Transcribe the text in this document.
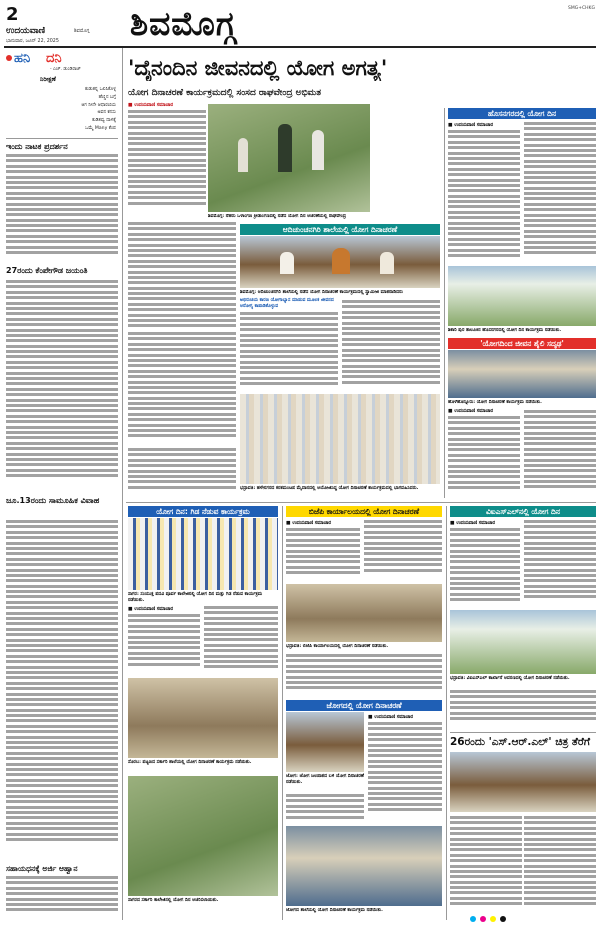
2
ಉದಯವಾಣಿ	ಶಿವಮೊಗ್ಗ
ಭಾನುವಾರ, ಜೂನ್ 22, 2025 ಶಿವಮೊಗ್ಗ	SMG+CHKG
ಹನಿ ದನಿ
- ಎಚ್. ಡುಂಡಿರಾಜ್
ನಿರೀಕ್ಷಣೆ
ಕುಡುಕನ್ನ ಒಲಿಸಿಕೊಳ್ಳ
ಹೆಣ್ಣಿನ ಬಗ್ಗೆ
ಆಗ ನೀನೇ ಆಧಾರಣಿಯ
ಅವನ ಕನಸು
ಕುಡಿತವ್ವ ದಾಳಕ್ಕೆ
ಒಮ್ಮೆ Many ಕೆಂಪ
ಇಂದು ನಾಟಕ ಪ್ರದರ್ಶನ
27ರಂದು ಕೆಂಪೇಗೌಡ ಜಯಂತಿ
ಜೂ.13ರಂದು ಸಾಮೂಹಿಕ ವಿವಾಹ
ಸಹಾಯಧನಕ್ಕೆ ಅರ್ಜಿ ಆಹ್ವಾನ
'ದೈನಂದಿನ ಜೀವನದಲ್ಲಿ ಯೋಗ ಅಗತ್ಯ'
ಯೋಗ ದಿನಾಚರಣೆ ಕಾರ್ಯಕ್ರಮದಲ್ಲಿ ಸಂಸದ ರಾಘವೇಂದ್ರ ಅಭಿಮತ
■ ಉದಯವಾಣಿ ಸಮಾಚಾರ
ಶಿವಮೊಗ್ಗ: ನೆಹರು ಒಳಾಂಗಣ ಕ್ರೀಡಾಂಗಣದಲ್ಲಿ ನಡೆದ ಯೋಗ ದಿನ ಆಚರಣೆಯಲ್ಲಿ ರಾಘವೇಂದ್ರ
ಆದಿಚುಂಚನಗಿರಿ ಶಾಲೆಯಲ್ಲಿ ಯೋಗ ದಿನಾಚರಣೆ
ಶಿವಮೊಗ್ಗ: ಆದಿಚುಂಚನಗಿರಿ ಶಾಲೆಯಲ್ಲಿ ನಡೆದ ಯೋಗ ದಿನಾಚರಣೆ ಕಾರ್ಯಕ್ರಮದಲ್ಲಿ ಸ್ವಾಮೀಜಿ ಮಾತನಾಡಿದರು
ಅಭಿರುಚಿಯ ಕಾರಣ ಯೋಗಾಭ್ಯಾಸ ಮಾಡುವ ಮೂಲಕ ಜೀವನದ ಆರೋಗ್ಯ ಕಾಪಾಡಿಕೊಳ್ಳುವ
ಭದ್ರಾವತಿ: ಹಳೇನಗರದ ಕನಕಮಂಟಪ ಮೈದಾನದಲ್ಲಿ ಆಯೋಜಿಸಿದ್ದ ಯೋಗ ದಿನಾಚರಣೆ ಕಾರ್ಯಕ್ರಮದಲ್ಲಿ ಭಾಗವಹಿಸಿದರು.
ಹೊಸನಗರದಲ್ಲಿ ಯೋಗ ದಿನ
■ ಉದಯವಾಣಿ ಸಮಾಚಾರ
ಶಿಕಾರಿ ಪುರ ತಾಲೂಕಿನ ಹೊಸನಗರದಲ್ಲಿ ಯೋಗ ದಿನ ಕಾರ್ಯಕ್ರಮ ನಡೆಯಿತು.
'ಯೋಗದಿಂದ ಜೀವನ ಶೈಲಿ ಸದೃಢ'
ಹೊಳೆಹೊನ್ನೂರು: ಯೋಗ ದಿನಾಚರಣೆ ಕಾರ್ಯಕ್ರಮ ನಡೆಯಿತು.
■ ಉದಯವಾಣಿ ಸಮಾಚಾರ
ಯೋಗ ದಿನ: ಗಿಡ ನೆಡುವ ಕಾರ್ಯಕ್ರಮ
ಸಾಗರ: ಸಂಯುಕ್ತ ಪದವಿ ಪೂರ್ವ ಕಾಲೇಜಿನಲ್ಲಿ ಯೋಗ ದಿನ ಮತ್ತು ಗಿಡ ನೆಡುವ ಕಾರ್ಯಕ್ರಮ ನಡೆಯಿತು.
■ ಉದಯವಾಣಿ ಸಮಾಚಾರ
ಸೊರಬ: ಪಟ್ಟಣದ ಸರ್ಕಾರಿ ಶಾಲೆಯಲ್ಲಿ ಯೋಗ ದಿನಾಚರಣೆ ಕಾರ್ಯಕ್ರಮ ನಡೆಯಿತು.
ಸಾಗರದ ಸರ್ಕಾರಿ ಕಾಲೇಜಿನಲ್ಲಿ ಯೋಗ ದಿನ ಆಚರಿಸಲಾಯಿತು.
ಬಿಜೆಪಿ ಕಾರ್ಯಾಲಯದಲ್ಲಿ ಯೋಗ ದಿನಾಚರಣೆ
■ ಉದಯವಾಣಿ ಸಮಾಚಾರ
ಭದ್ರಾವತಿ: ಬಿಜೆಪಿ ಕಾರ್ಯಾಲಯದಲ್ಲಿ ಯೋಗ ದಿನಾಚರಣೆ ನಡೆಯಿತು.
ಜೋಗದಲ್ಲಿ ಯೋಗ ದಿನಾಚರಣೆ
■ ಉದಯವಾಣಿ ಸಮಾಚಾರ
ಜೋಗ: ಜೋಗ ಜಲಪಾತದ ಬಳಿ ಯೋಗ ದಿನಾಚರಣೆ ನಡೆಯಿತು.
ಜೋಗದ ಶಾಲೆಯಲ್ಲಿ ಯೋಗ ದಿನಾಚರಣೆ ಕಾರ್ಯಕ್ರಮ ನಡೆಯಿತು.
ವಿಐಎಸ್‌ಎಲ್‌ನಲ್ಲಿ ಯೋಗ ದಿನ
■ ಉದಯವಾಣಿ ಸಮಾಚಾರ
ಭದ್ರಾವತಿ: ವಿಐಎಸ್‌ಎಲ್ ಕಾರ್ಖಾನೆ ಆವರಣದಲ್ಲಿ ಯೋಗ ದಿನಾಚರಣೆ ನಡೆಯಿತು.
26ರಂದು 'ಎಸ್.ಆರ್.ಎಲ್' ಚಿತ್ರ ತೆರೆಗೆ
